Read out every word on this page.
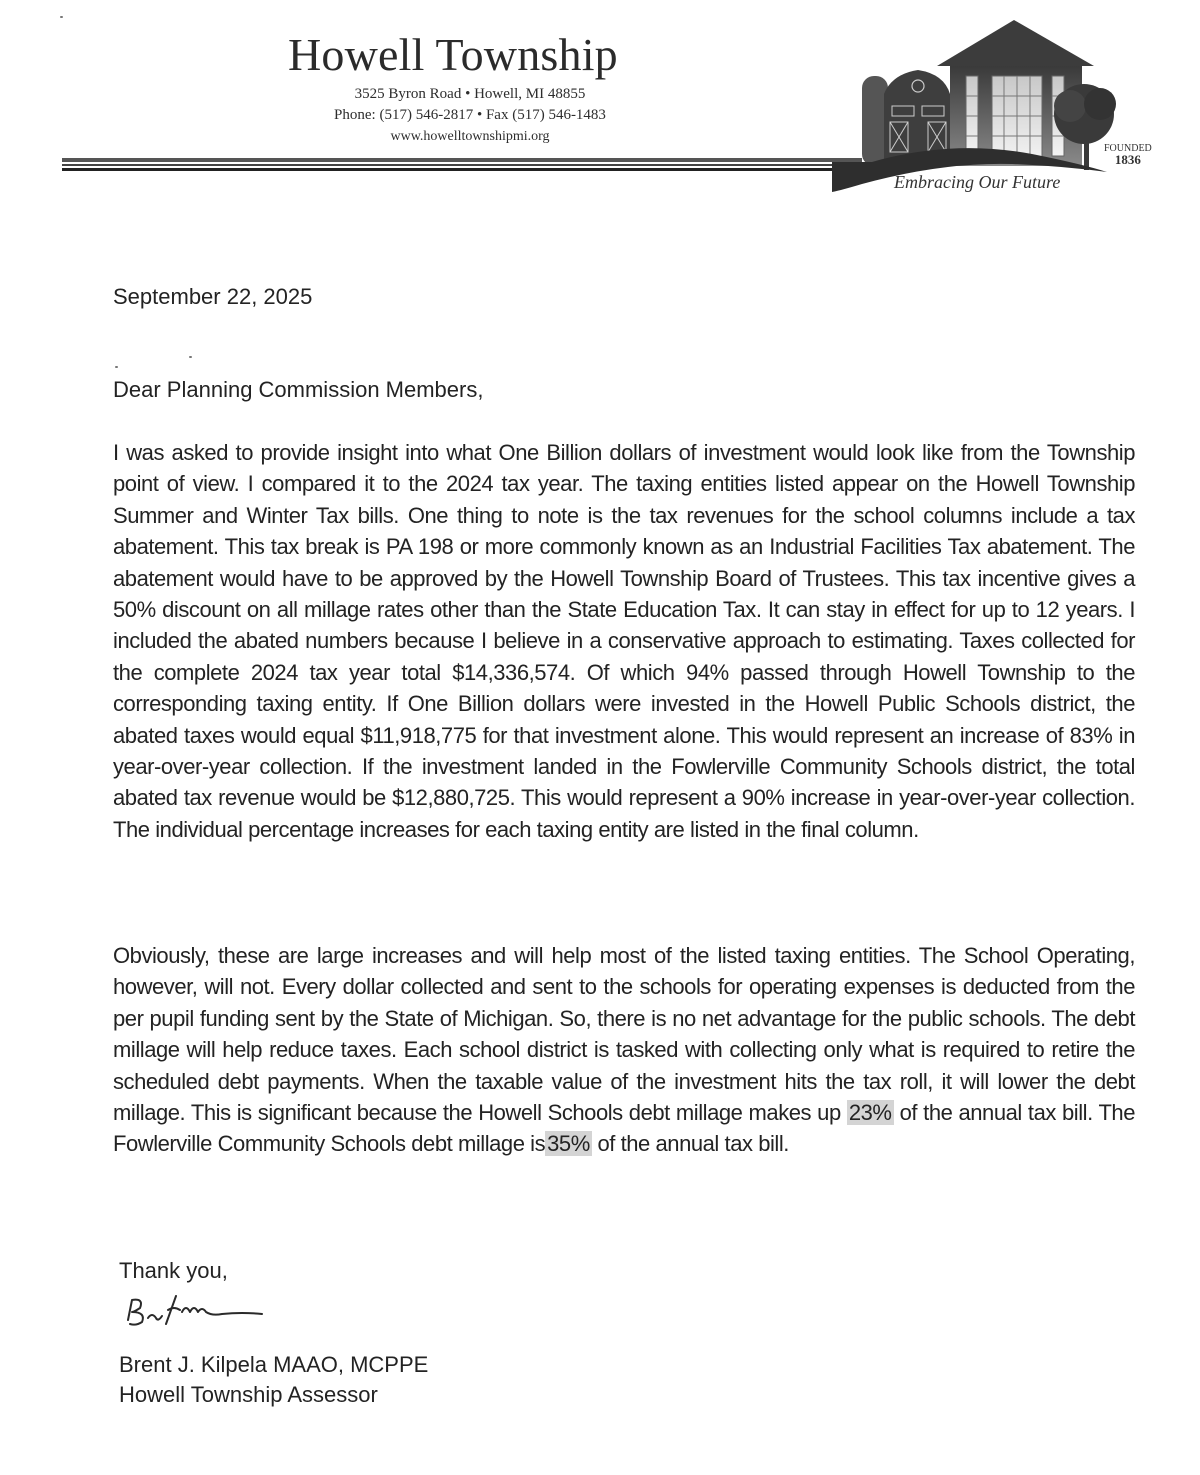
Howell Township
3525 Byron Road • Howell, MI 48855
Phone: (517) 546-2817 • Fax (517) 546-1483
www.howelltownshipmi.org
FOUNDED
1836
Embracing Our Future
September 22, 2025
Dear Planning Commission Members,
I was asked to provide insight into what One Billion dollars of investment would look like from the Township point of view. I compared it to the 2024 tax year. The taxing entities listed appear on the Howell Township Summer and Winter Tax bills. One thing to note is the tax revenues for the school columns include a tax abatement. This tax break is PA 198 or more commonly known as an Industrial Facilities Tax abatement. The abatement would have to be approved by the Howell Township Board of Trustees. This tax incentive gives a 50% discount on all millage rates other than the State Education Tax. It can stay in effect for up to 12 years. I included the abated numbers because I believe in a conservative approach to estimating. Taxes collected for the complete 2024 tax year total $14,336,574. Of which 94% passed through Howell Township to the corresponding taxing entity. If One Billion dollars were invested in the Howell Public Schools district, the abated taxes would equal $11,918,775 for that investment alone. This would represent an increase of 83% in year-over-year collection. If the investment landed in the Fowlerville Community Schools district, the total abated tax revenue would be $12,880,725. This would represent a 90% increase in year-over-year collection. The individual percentage increases for each taxing entity are listed in the final column.
Obviously, these are large increases and will help most of the listed taxing entities. The School Operating, however, will not. Every dollar collected and sent to the schools for operating expenses is deducted from the per pupil funding sent by the State of Michigan. So, there is no net advantage for the public schools. The debt millage will help reduce taxes. Each school district is tasked with collecting only what is required to retire the scheduled debt payments. When the taxable value of the investment hits the tax roll, it will lower the debt millage. This is significant because the Howell Schools debt millage makes up 23% of the annual tax bill. The Fowlerville Community Schools debt millage is35% of the annual tax bill.
Thank you,
Brent J. Kilpela MAAO, MCPPE
Howell Township Assessor
